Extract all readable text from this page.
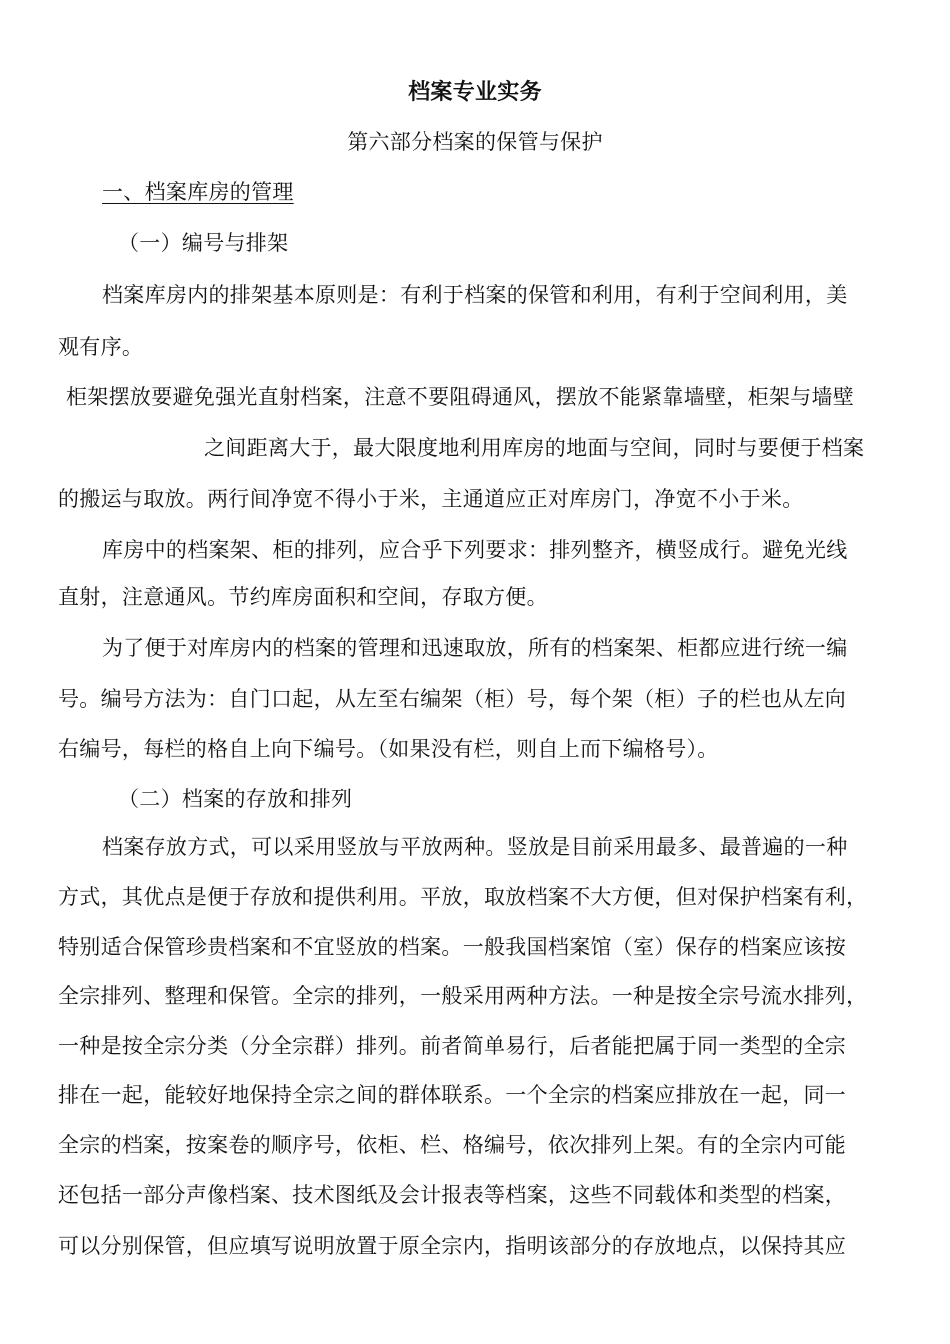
档案专业实务
第六部分档案的保管与保护
一、档案库房的管理
（一）编号与排架
档案库房内的排架基本原则是：有利于档案的保管和利用，有利于空间利用，美
观有序。
柜架摆放要避免强光直射档案，注意不要阻碍通风，摆放不能紧靠墙壁，柜架与墙壁
之间距离大于，最大限度地利用库房的地面与空间，同时与要便于档案
的搬运与取放。两行间净宽不得小于米，主通道应正对库房门，净宽不小于米。
库房中的档案架、柜的排列，应合乎下列要求：排列整齐，横竖成行。避免光线
直射，注意通风。节约库房面积和空间，存取方便。
为了便于对库房内的档案的管理和迅速取放，所有的档案架、柜都应进行统一编
号。编号方法为：自门口起，从左至右编架（柜）号，每个架（柜）子的栏也从左向
右编号，每栏的格自上向下编号。（如果没有栏，则自上而下编格号）。
（二）档案的存放和排列
档案存放方式，可以采用竖放与平放两种。竖放是目前采用最多、最普遍的一种
方式，其优点是便于存放和提供利用。平放，取放档案不大方便，但对保护档案有利，
特别适合保管珍贵档案和不宜竖放的档案。一般我国档案馆（室）保存的档案应该按
全宗排列、整理和保管。全宗的排列，一般采用两种方法。一种是按全宗号流水排列，
一种是按全宗分类（分全宗群）排列。前者简单易行，后者能把属于同一类型的全宗
排在一起，能较好地保持全宗之间的群体联系。一个全宗的档案应排放在一起，同一
全宗的档案，按案卷的顺序号，依柜、栏、格编号，依次排列上架。有的全宗内可能
还包括一部分声像档案、技术图纸及会计报表等档案，这些不同载体和类型的档案，
可以分别保管，但应填写说明放置于原全宗内，指明该部分的存放地点，以保持其应
